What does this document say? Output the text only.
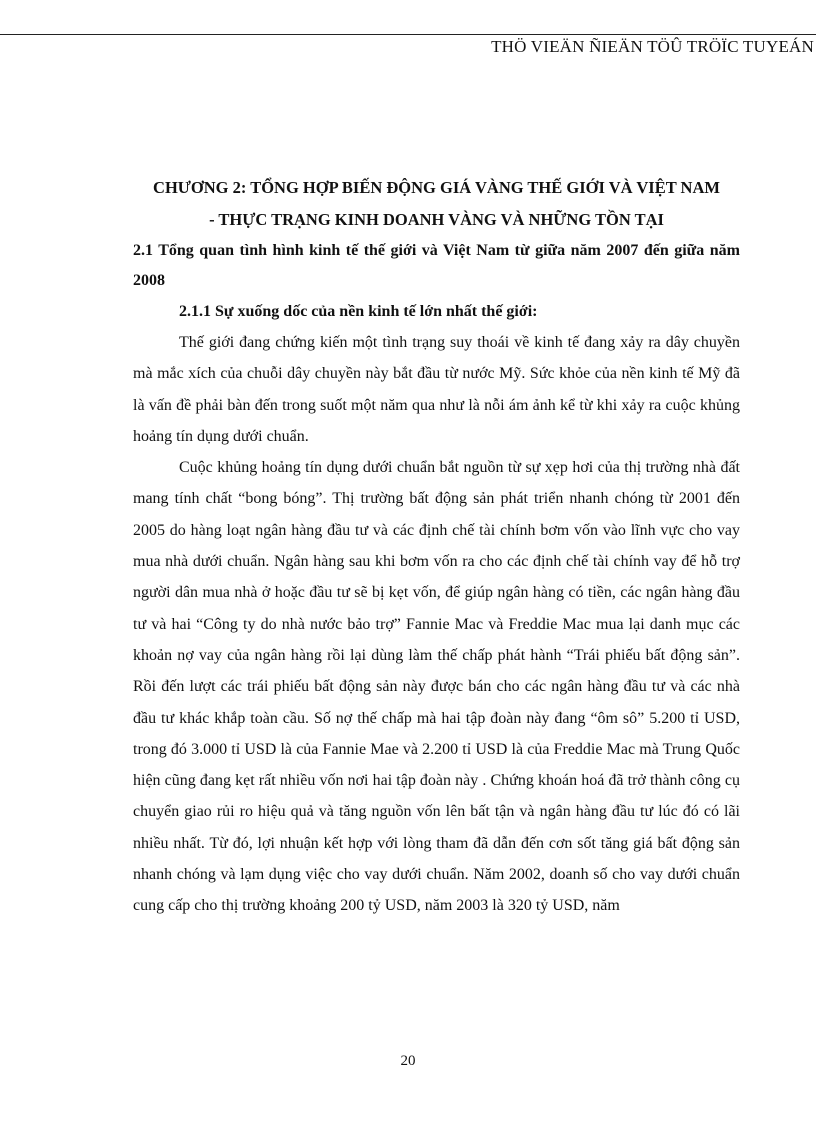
THÖ VIEÄN ÑIEÄN TÖÛ TRÖÏC TUYEÁN

CHƯƠNG 2: TỔNG HỢP BIẾN ĐỘNG GIÁ VÀNG THẾ GIỚI VÀ VIỆT NAM

- THỰC TRẠNG KINH DOANH VÀNG VÀ NHỮNG TỒN TẠI

2.1 Tổng quan tình hình kinh tế thế giới và Việt Nam từ giữa năm 2007 đến giữa năm 2008

2.1.1 Sự xuống dốc của nền kinh tế lớn nhất thế giới:

Thế giới đang chứng kiến một tình trạng suy thoái về kinh tế đang xảy ra dây chuyền mà mắc xích của chuỗi dây chuyền này bắt đầu từ nước Mỹ. Sức khỏe của nền kinh tế Mỹ đã là vấn đề phải bàn đến trong suốt một năm qua như là nỗi ám ảnh kể từ khi xảy ra cuộc khủng hoảng tín dụng dưới chuẩn.

Cuộc khủng hoảng tín dụng dưới chuẩn bắt nguồn từ sự xẹp hơi của thị trường nhà đất mang tính chất “bong bóng”. Thị trường bất động sản phát triển nhanh chóng từ 2001 đến 2005 do hàng loạt ngân hàng đầu tư và các định chế tài chính bơm vốn vào lĩnh vực cho vay mua nhà dưới chuẩn. Ngân hàng sau khi bơm vốn ra cho các định chế tài chính vay để hỗ trợ người dân mua nhà ở hoặc đầu tư sẽ bị kẹt vốn, để giúp ngân hàng có tiền, các ngân hàng đầu tư và hai “Công ty do nhà nước bảo trợ” Fannie Mac và Freddie Mac mua lại danh mục các khoản nợ vay của ngân hàng rồi lại dùng làm thế chấp phát hành “Trái phiếu bất động sản”. Rồi đến lượt các trái phiếu bất động sản này được bán cho các ngân hàng đầu tư và các nhà đầu tư khác khắp toàn cầu. Số nợ thế chấp mà hai tập đoàn này đang “ôm sô” 5.200 tỉ USD, trong đó 3.000 tỉ USD là của Fannie Mae và 2.200 tỉ USD là của Freddie Mac mà Trung Quốc hiện cũng đang kẹt rất nhiều vốn nơi hai tập đoàn này . Chứng khoán hoá đã trở thành công cụ chuyển giao rủi ro hiệu quả và tăng nguồn vốn lên bất tận và ngân hàng đầu tư lúc đó có lãi nhiều nhất. Từ đó, lợi nhuận kết hợp với lòng tham đã dẫn đến cơn sốt tăng giá bất động sản nhanh chóng và lạm dụng việc cho vay dưới chuẩn. Năm 2002, doanh số cho vay dưới chuẩn cung cấp cho thị trường khoảng 200 tỷ USD, năm 2003 là 320 tỷ USD, năm

20
